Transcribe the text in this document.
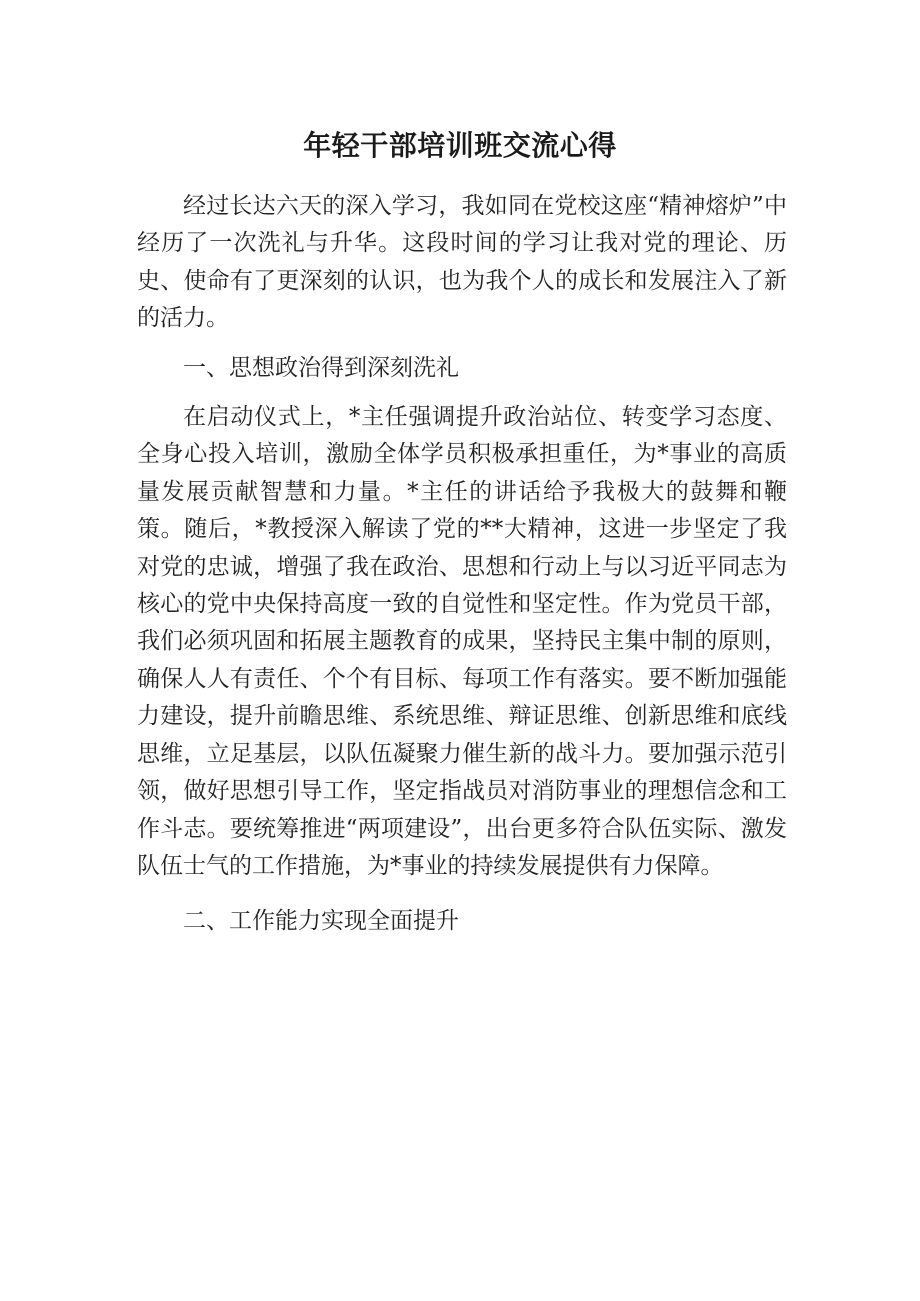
年轻干部培训班交流心得

经过长达六天的深入学习，我如同在党校这座“精神熔炉”中经历了一次洗礼与升华。这段时间的学习让我对党的理论、历史、使命有了更深刻的认识，也为我个人的成长和发展注入了新的活力。

一、思想政治得到深刻洗礼

在启动仪式上，*主任强调提升政治站位、转变学习态度、全身心投入培训，激励全体学员积极承担重任，为*事业的高质量发展贡献智慧和力量。*主任的讲话给予我极大的鼓舞和鞭策。随后，*教授深入解读了党的**大精神，这进一步坚定了我对党的忠诚，增强了我在政治、思想和行动上与以习近平同志为核心的党中央保持高度一致的自觉性和坚定性。作为党员干部，我们必须巩固和拓展主题教育的成果，坚持民主集中制的原则，确保人人有责任、个个有目标、每项工作有落实。要不断加强能力建设，提升前瞻思维、系统思维、辩证思维、创新思维和底线思维，立足基层，以队伍凝聚力催生新的战斗力。要加强示范引领，做好思想引导工作，坚定指战员对消防事业的理想信念和工作斗志。要统筹推进“两项建设”，出台更多符合队伍实际、激发队伍士气的工作措施，为*事业的持续发展提供有力保障。

二、工作能力实现全面提升
